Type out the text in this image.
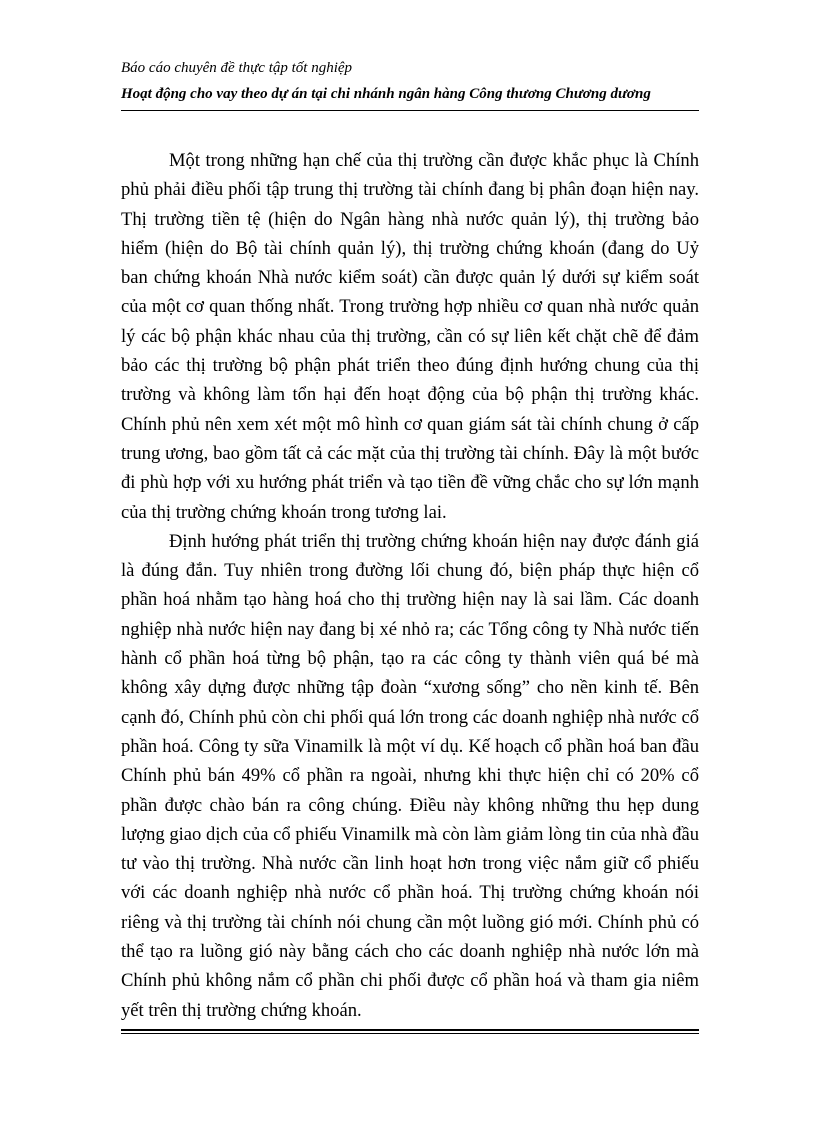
Báo cáo chuyên đề thực tập tốt nghiệp
Hoạt động cho vay theo dự án tại chi nhánh ngân hàng Công thương Chương dương

Một trong những hạn chế của thị trường cần được khắc phục là Chính phủ phải điều phối tập trung thị trường tài chính đang bị phân đoạn hiện nay. Thị trường tiền tệ (hiện do Ngân hàng nhà nước quản lý), thị trường bảo hiểm (hiện do Bộ tài chính quản lý), thị trường chứng khoán (đang do Uỷ ban chứng khoán Nhà nước kiểm soát) cần được quản lý dưới sự kiểm soát của một cơ quan thống nhất. Trong trường hợp nhiều cơ quan nhà nước quản lý các bộ phận khác nhau của thị trường, cần có sự liên kết chặt chẽ để đảm bảo các thị trường bộ phận phát triển theo đúng định hướng chung của thị trường và không làm tổn hại đến hoạt động của bộ phận thị trường khác. Chính phủ nên xem xét một mô hình cơ quan giám sát tài chính chung ở cấp trung ương, bao gồm tất cả các mặt của thị trường tài chính. Đây là một bước đi phù hợp với xu hướng phát triển và tạo tiền đề vững chắc cho sự lớn mạnh của thị trường chứng khoán trong tương lai.

Định hướng phát triển thị trường chứng khoán hiện nay được đánh giá là đúng đắn. Tuy nhiên trong đường lối chung đó, biện pháp thực hiện cổ phần hoá nhằm tạo hàng hoá cho thị trường hiện nay là sai lầm. Các doanh nghiệp nhà nước hiện nay đang bị xé nhỏ ra; các Tổng công ty Nhà nước tiến hành cổ phần hoá từng bộ phận, tạo ra các công ty thành viên quá bé mà không xây dựng được những tập đoàn “xương sống” cho nền kinh tế. Bên cạnh đó, Chính phủ còn chi phối quá lớn trong các doanh nghiệp nhà nước cổ phần hoá. Công ty sữa Vinamilk là một ví dụ. Kế hoạch cổ phần hoá ban đầu Chính phủ bán 49% cổ phần ra ngoài, nhưng khi thực hiện chỉ có 20% cổ phần được chào bán ra công chúng. Điều này không những thu hẹp dung lượng giao dịch của cổ phiếu Vinamilk mà còn làm giảm lòng tin của nhà đầu tư vào thị trường. Nhà nước cần linh hoạt hơn trong việc nắm giữ cổ phiếu với các doanh nghiệp nhà nước cổ phần hoá. Thị trường chứng khoán nói riêng và thị trường tài chính nói chung cần một luồng gió mới. Chính phủ có thể tạo ra luồng gió này bằng cách cho các doanh nghiệp nhà nước lớn mà Chính phủ không nắm cổ phần chi phối được cổ phần hoá và tham gia niêm yết trên thị trường chứng khoán.
